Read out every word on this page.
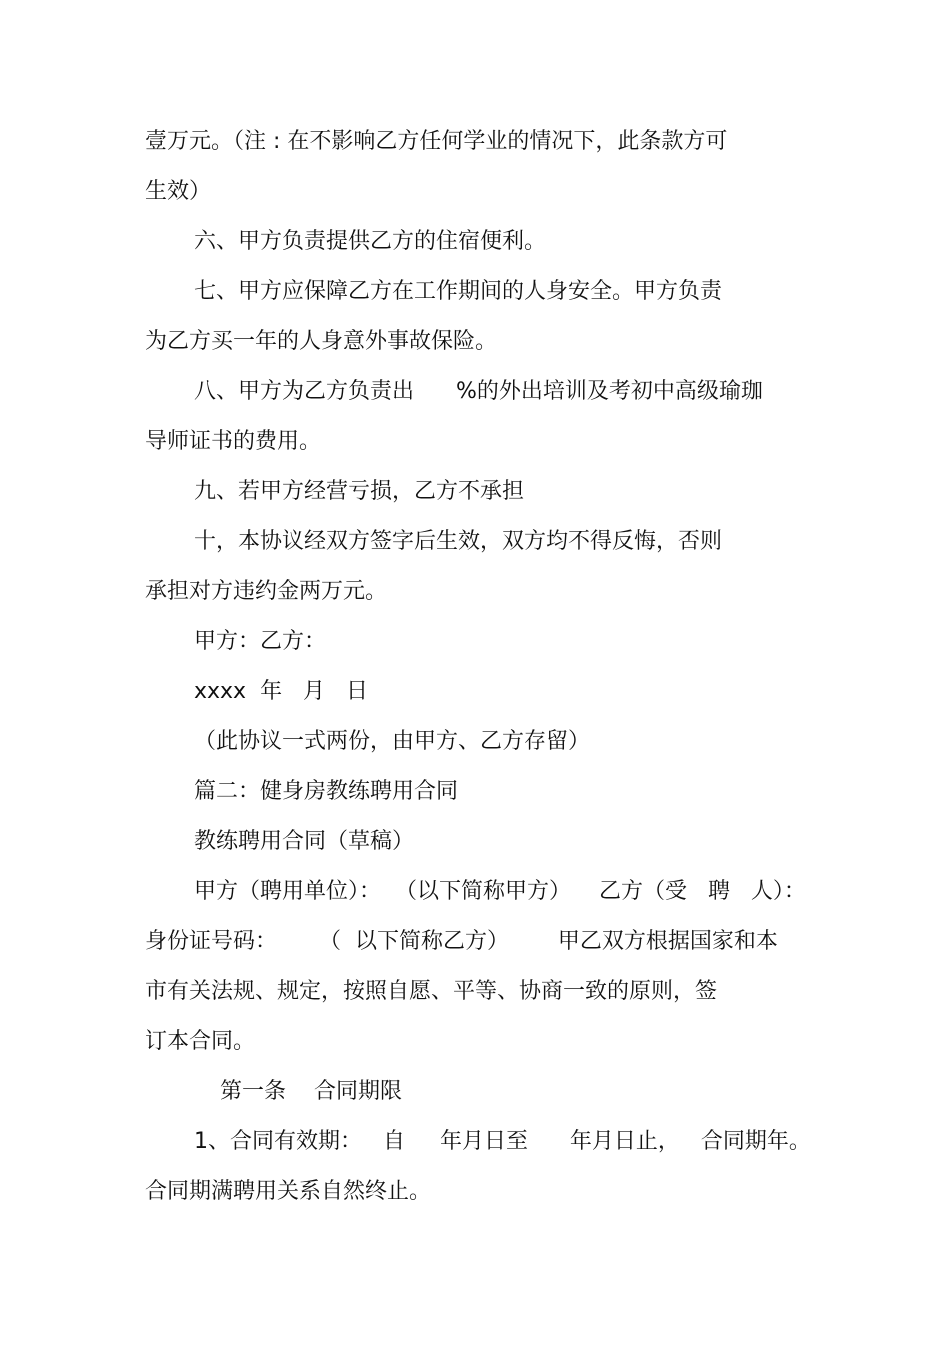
壹万元。（注 : 在不影响乙方任何学业的情况下，此条款方可
生效）
六、甲方负责提供乙方的住宿便利。
七、甲方应保障乙方在工作期间的人身安全。甲方负责
为乙方买一年的人身意外事故保险。
八、甲方为乙方负责出      %的外出培训及考初中高级瑜珈
导师证书的费用。
九、若甲方经营亏损，乙方不承担
十，本协议经双方签字后生效，双方均不得反悔，否则
承担对方违约金两万元。
甲方：乙方：
xxxx  年   月   日
（此协议一式两份，由甲方、乙方存留）
篇二：健身房教练聘用合同
教练聘用合同（草稿）
甲方（聘用单位）：  （以下简称甲方）    乙方（受   聘   人）：
身份证号码：      （  以下简称乙方）       甲乙双方根据国家和本
市有关法规、规定，按照自愿、平等、协商一致的原则，签
订本合同。
第一条    合同期限
1、合同有效期：   自     年月日至      年月日止，   合同期年。
合同期满聘用关系自然终止。
